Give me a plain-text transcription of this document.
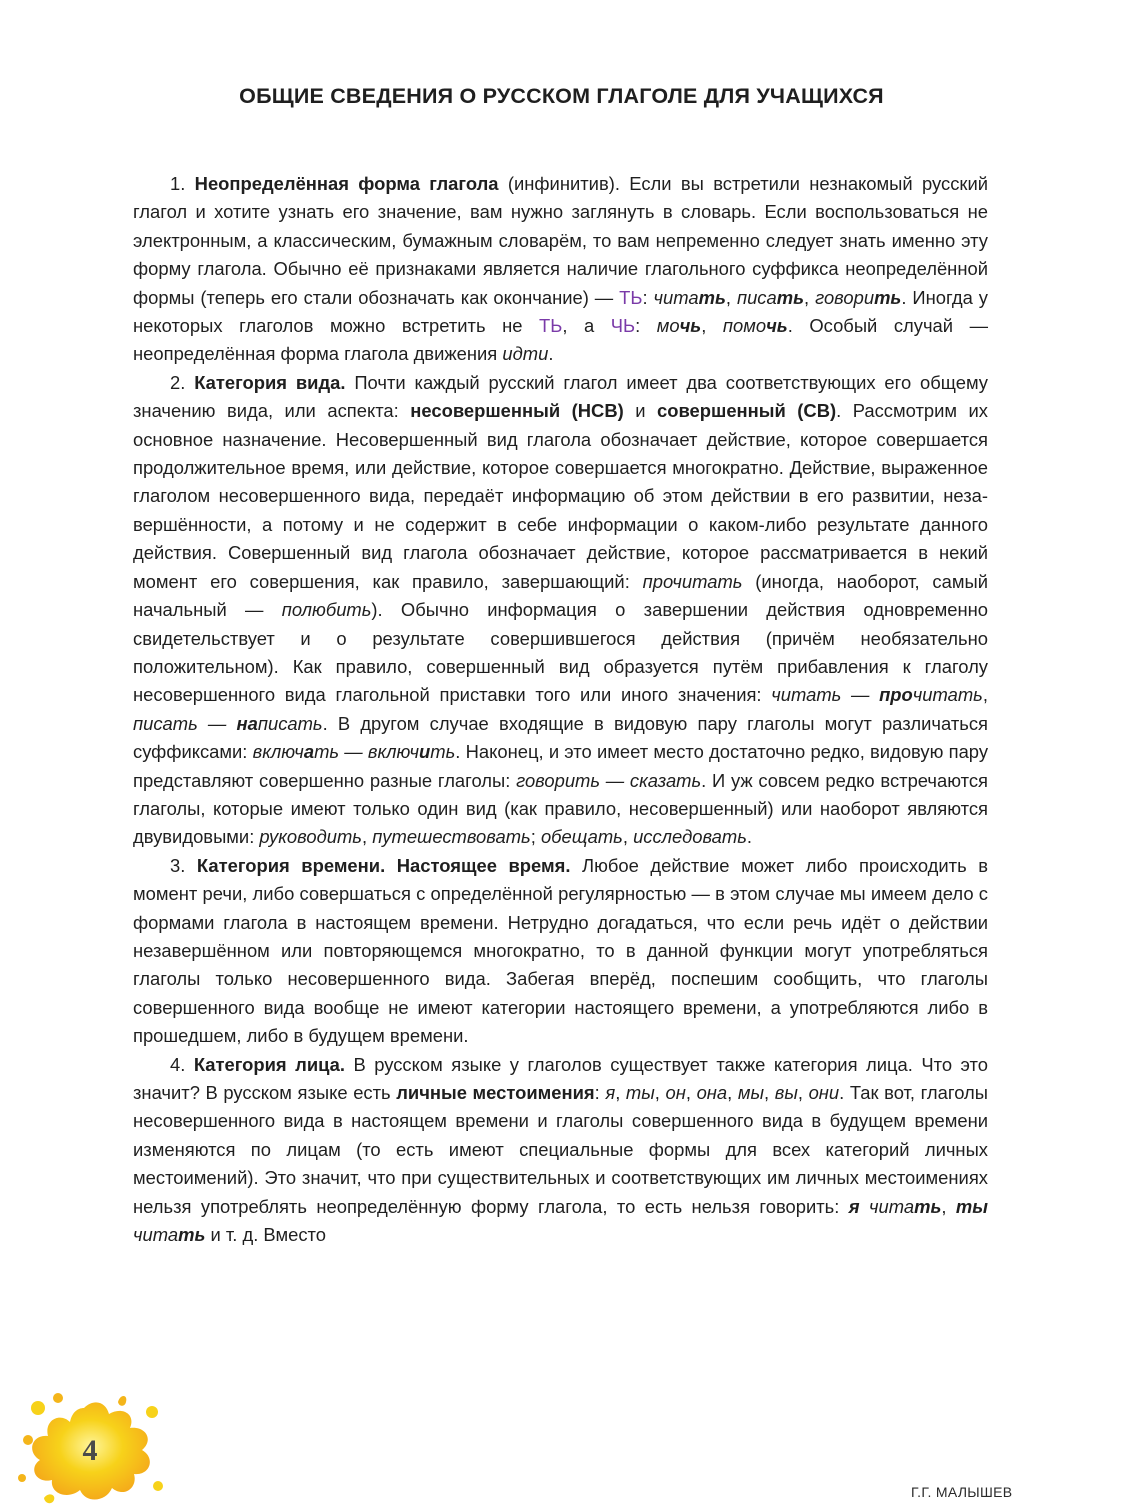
ОБЩИЕ СВЕДЕНИЯ О РУССКОМ ГЛАГОЛЕ ДЛЯ УЧАЩИХСЯ

1. Неопределённая форма глагола (инфинитив). Если вы встретили незнакомый русский глагол и хотите узнать его значение, вам нужно заглянуть в словарь. Если воспользоваться не электронным, а классическим, бумажным словарём, то вам непременно следует знать именно эту форму глагола. Обычно её признаками является наличие глагольного суффикса неопределённой формы (теперь его стали обозначать как окончание) — ТЬ: читать, писать, говорить. Иногда у некоторых глаголов можно встретить не ТЬ, а ЧЬ: мочь, помочь. Особый случай — неопределённая форма глагола движения идти.

2. Категория вида. Почти каждый русский глагол имеет два соответствующих его общему значению вида, или аспекта: несовершенный (НСВ) и совершенный (СВ). Рассмотрим их основное назначение. Несовершенный вид глагола обозначает действие, которое совершается продолжительное время, или действие, которое совершается многократно. Действие, выраженное глаголом несовершенного вида, передаёт информацию об этом действии в его развитии, незавершённости, а потому и не содержит в себе информации о каком-либо результате данного действия. Совершенный вид глагола обозначает действие, которое рассматривается в некий момент его совершения, как правило, завершающий: прочитать (иногда, наоборот, самый начальный — полюбить). Обычно информация о завершении действия одновременно свидетельствует и о результате совершившегося действия (причём необязательно положительном). Как правило, совершенный вид образуется путём прибавления к глаголу несовершенного вида глагольной приставки того или иного значения: читать — прочитать, писать — написать. В другом случае входящие в видовую пару глаголы могут различаться суффиксами: включать — включить. Наконец, и это имеет место достаточно редко, видовую пару представляют совершенно разные глаголы: говорить — сказать. И уж совсем редко встречаются глаголы, которые имеют только один вид (как правило, несовершенный) или наоборот являются двувидовыми: руководить, путешествовать; обещать, исследовать.

3. Категория времени. Настоящее время. Любое действие может либо происходить в момент речи, либо совершаться с определённой регулярностью — в этом случае мы имеем дело с формами глагола в настоящем времени. Нетрудно догадаться, что если речь идёт о действии незавершённом или повторяющемся многократно, то в данной функции могут употребляться глаголы только несовершенного вида. Забегая вперёд, поспешим сообщить, что глаголы совершенного вида вообще не имеют категории настоящего времени, а употребляются либо в прошедшем, либо в будущем времени.

4. Категория лица. В русском языке у глаголов существует также категория лица. Что это значит? В русском языке есть личные местоимения: я, ты, он, она, мы, вы, они. Так вот, глаголы несовершенного вида в настоящем времени и глаголы совершенного вида в будущем времени изменяются по лицам (то есть имеют специальные формы для всех категорий личных местоимений). Это значит, что при существительных и соответствующих им личных местоимениях нельзя употреблять неопределённую форму глагола, то есть нельзя говорить: я читать, ты читать и т. д. Вместо

4
Г.Г. МАЛЫШЕВ
